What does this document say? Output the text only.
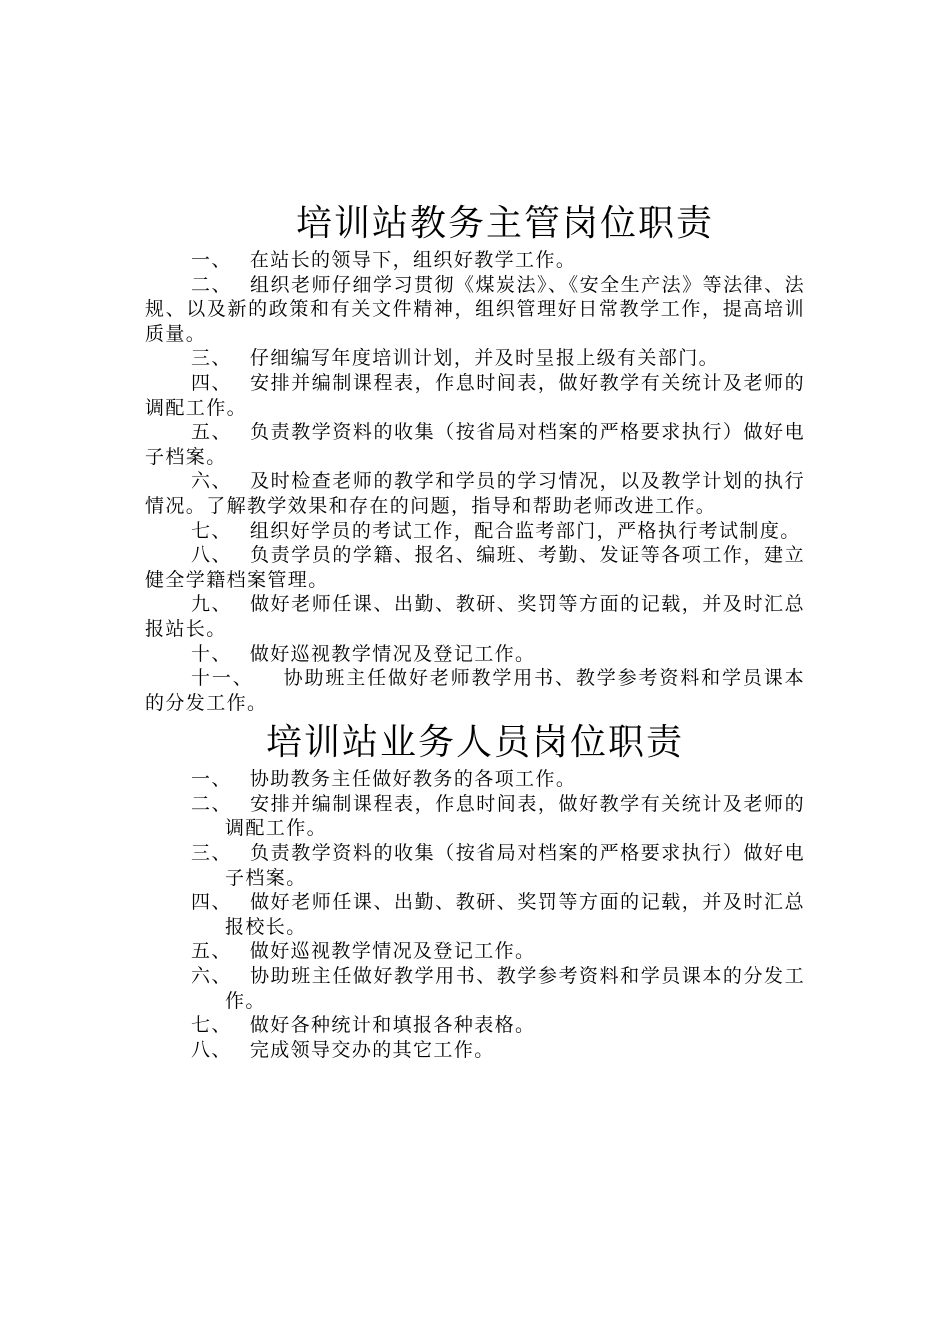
培训站教务主管岗位职责

一、 在站长的领导下，组织好教学工作。

二、 组织老师仔细学习贯彻《煤炭法》、《安全生产法》等法律、法规、以及新的政策和有关文件精神，组织管理好日常教学工作，提高培训质量。

三、 仔细编写年度培训计划，并及时呈报上级有关部门。

四、 安排并编制课程表，作息时间表，做好教学有关统计及老师的调配工作。

五、 负责教学资料的收集（按省局对档案的严格要求执行）做好电子档案。

六、 及时检查老师的教学和学员的学习情况，以及教学计划的执行情况。了解教学效果和存在的问题，指导和帮助老师改进工作。

七、 组织好学员的考试工作，配合监考部门，严格执行考试制度。

八、 负责学员的学籍、报名、编班、考勤、发证等各项工作，建立健全学籍档案管理。

九、 做好老师任课、出勤、教研、奖罚等方面的记载，并及时汇总报站长。

十、 做好巡视教学情况及登记工作。

十一、 协助班主任做好老师教学用书、教学参考资料和学员课本的分发工作。

培训站业务人员岗位职责

一、 协助教务主任做好教务的各项工作。

二、 安排并编制课程表，作息时间表，做好教学有关统计及老师的调配工作。

三、 负责教学资料的收集（按省局对档案的严格要求执行）做好电子档案。

四、 做好老师任课、出勤、教研、奖罚等方面的记载，并及时汇总报校长。

五、 做好巡视教学情况及登记工作。

六、 协助班主任做好教学用书、教学参考资料和学员课本的分发工作。

七、 做好各种统计和填报各种表格。

八、 完成领导交办的其它工作。
